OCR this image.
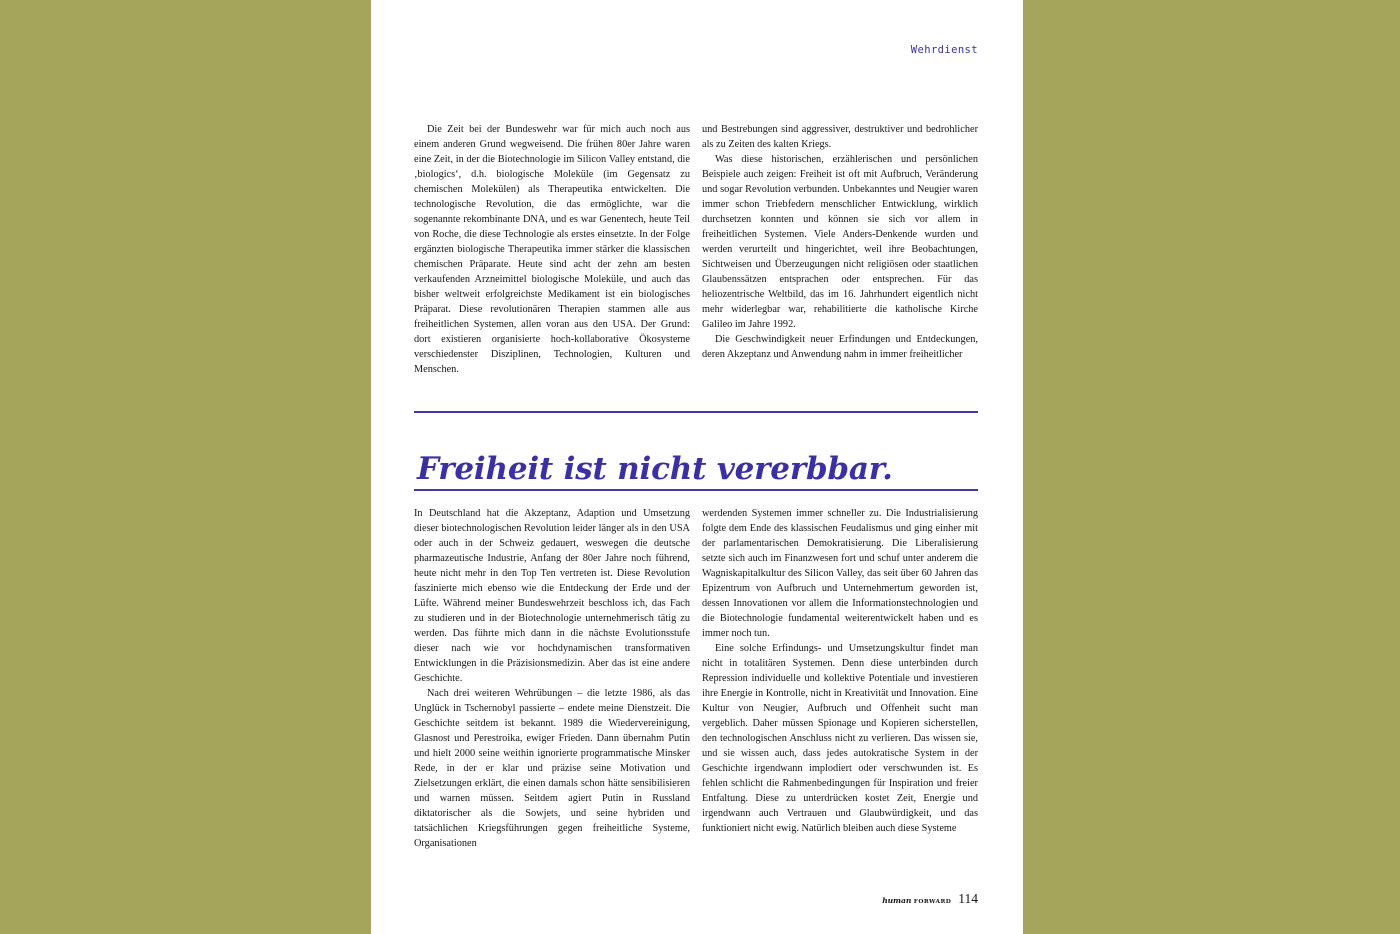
Wehrdienst

Die Zeit bei der Bundeswehr war für mich auch noch aus einem anderen Grund wegweisend. Die frühen 80er Jahre waren eine Zeit, in der die Biotechnologie im Silicon Valley entstand, die ‚biologics‘, d.h. biologische Moleküle (im Gegensatz zu chemischen Molekülen) als Therapeutika entwickelten. Die technologische Revolution, die das ermöglichte, war die sogenannte rekombinante DNA, und es war Genentech, heute Teil von Roche, die diese Technologie als erstes einsetzte. In der Folge ergänzten biologische Therapeutika immer stärker die klassischen chemischen Präparate. Heute sind acht der zehn am besten verkaufenden Arzneimittel biologische Moleküle, und auch das bisher weltweit erfolgreichste Medikament ist ein biologisches Präparat. Diese revolutionären Therapien stammen alle aus freiheitlichen Systemen, allen voran aus den USA. Der Grund: dort existieren organisierte hoch-kollaborative Ökosysteme verschiedenster Disziplinen, Technologien, Kulturen und Menschen.

und Bestrebungen sind aggressiver, destruktiver und bedrohlicher als zu Zeiten des kalten Kriegs.

Was diese historischen, erzählerischen und persönlichen Beispiele auch zeigen: Freiheit ist oft mit Aufbruch, Veränderung und sogar Revolution verbunden. Unbekanntes und Neugier waren immer schon Triebfedern menschlicher Entwicklung, wirklich durchsetzen konnten und können sie sich vor allem in freiheitlichen Systemen. Viele Anders-Denkende wurden und werden verurteilt und hingerichtet, weil ihre Beobachtungen, Sichtweisen und Überzeugungen nicht religiösen oder staatlichen Glaubenssätzen entsprachen oder entsprechen. Für das heliozentrische Weltbild, das im 16. Jahrhundert eigentlich nicht mehr widerlegbar war, rehabilitierte die katholische Kirche Galileo im Jahre 1992.

Die Geschwindigkeit neuer Erfindungen und Entdeckungen, deren Akzeptanz und Anwendung nahm in immer freiheitlicher

Freiheit ist nicht vererbbar.

In Deutschland hat die Akzeptanz, Adaption und Umsetzung dieser biotechnologischen Revolution leider länger als in den USA oder auch in der Schweiz gedauert, weswegen die deutsche pharmazeutische Industrie, Anfang der 80er Jahre noch führend, heute nicht mehr in den Top Ten vertreten ist. Diese Revolution faszinierte mich ebenso wie die Entdeckung der Erde und der Lüfte. Während meiner Bundeswehrzeit beschloss ich, das Fach zu studieren und in der Biotechnologie unternehmerisch tätig zu werden. Das führte mich dann in die nächste Evolutionsstufe dieser nach wie vor hochdynamischen transformativen Entwicklungen in die Präzisionsmedizin. Aber das ist eine andere Geschichte.

Nach drei weiteren Wehrübungen – die letzte 1986, als das Unglück in Tschernobyl passierte – endete meine Dienstzeit. Die Geschichte seitdem ist bekannt. 1989 die Wiedervereinigung, Glasnost und Perestroika, ewiger Frieden. Dann übernahm Putin und hielt 2000 seine weithin ignorierte programmatische Minsker Rede, in der er klar und präzise seine Motivation und Zielsetzungen erklärt, die einen damals schon hätte sensibilisieren und warnen müssen. Seitdem agiert Putin in Russland diktatorischer als die Sowjets, und seine hybriden und tatsächlichen Kriegsführungen gegen freiheitliche Systeme, Organisationen

werdenden Systemen immer schneller zu. Die Industrialisierung folgte dem Ende des klassischen Feudalismus und ging einher mit der parlamentarischen Demokratisierung. Die Liberalisierung setzte sich auch im Finanzwesen fort und schuf unter anderem die Wagniskapitalkultur des Silicon Valley, das seit über 60 Jahren das Epizentrum von Aufbruch und Unternehmertum geworden ist, dessen Innovationen vor allem die Informationstechnologien und die Biotechnologie fundamental weiterentwickelt haben und es immer noch tun.

Eine solche Erfindungs- und Umsetzungskultur findet man nicht in totalitären Systemen. Denn diese unterbinden durch Repression individuelle und kollektive Potentiale und investieren ihre Energie in Kontrolle, nicht in Kreativität und Innovation. Eine Kultur von Neugier, Aufbruch und Offenheit sucht man vergeblich. Daher müssen Spionage und Kopieren sicherstellen, den technologischen Anschluss nicht zu verlieren. Das wissen sie, und sie wissen auch, dass jedes autokratische System in der Geschichte irgendwann implodiert oder verschwunden ist. Es fehlen schlicht die Rahmenbedingungen für Inspiration und freier Entfaltung. Diese zu unterdrücken kostet Zeit, Energie und irgendwann auch Vertrauen und Glaubwürdigkeit, und das funktioniert nicht ewig. Natürlich bleiben auch diese Systeme

human FORWARD 114
